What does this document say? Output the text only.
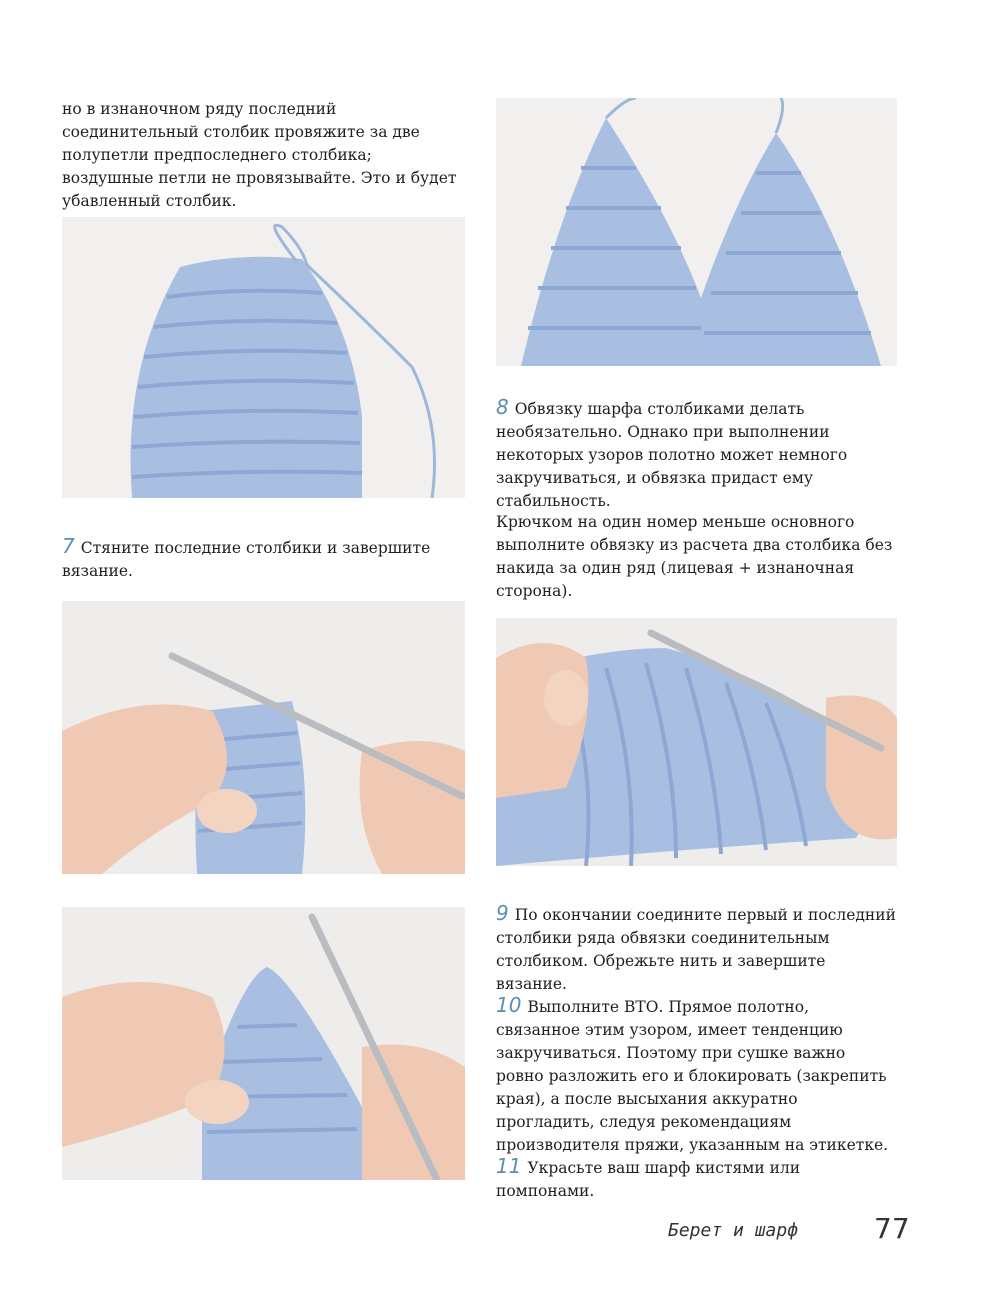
но в изнаночном ряду последний соединительный столбик провяжите за две полупетли предпоследнего столбика; воздушные петли не провязывайте. Это и будет убавленный столбик.

7 Стяните последние столбики и завершите вязание.

8 Обвязку шарфа столбиками делать необязательно. Однако при выполнении некоторых узоров полотно может немного закручиваться, и обвязка придаст ему стабильность.

Крючком на один номер меньше основного выполните обвязку из расчета два столбика без накида за один ряд (лицевая + изнаночная сторона).

9 По окончании соедините первый и последний столбики ряда обвязки соединительным столбиком. Обрежьте нить и завершите вязание.

10 Выполните ВТО. Прямое полотно, связанное этим узором, имеет тенденцию закручиваться. Поэтому при сушке важно ровно разложить его и блокировать (закрепить края), а после высыхания аккуратно прогладить, следуя рекомендациям производителя пряжи, указанным на этикетке.

11 Украсьте ваш шарф кистями или помпонами.

Берет и шарф	77
